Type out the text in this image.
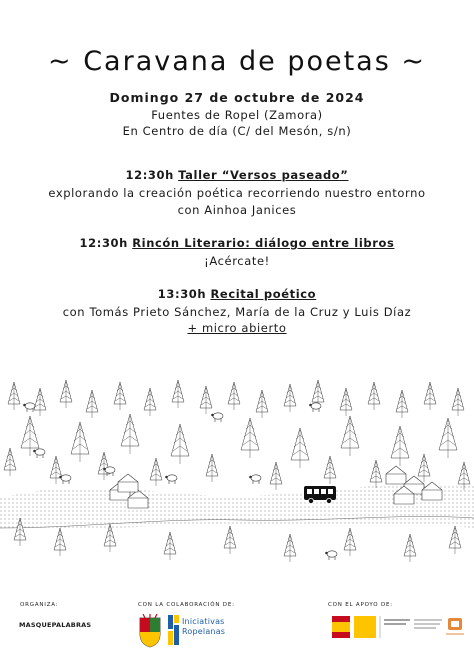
~ Caravana de poetas ~
Domingo 27 de octubre de 2024
Fuentes de Ropel (Zamora)
En Centro de día (C/ del Mesón, s/n)
12:30h Taller “Versos paseado”
explorando la creación poética recorriendo nuestro entorno
con Ainhoa Janices
12:30h Rincón Literario: diálogo entre libros
¡Acércate!
13:30h Recital poético
con Tomás Prieto Sánchez, María de la Cruz y Luis Díaz
+ micro abierto
ORGANIZA:
MASQUEPALABRAS
CON LA COLABORACIÓN DE:
Iniciativas
Ropelanas
CON EL APOYO DE:
